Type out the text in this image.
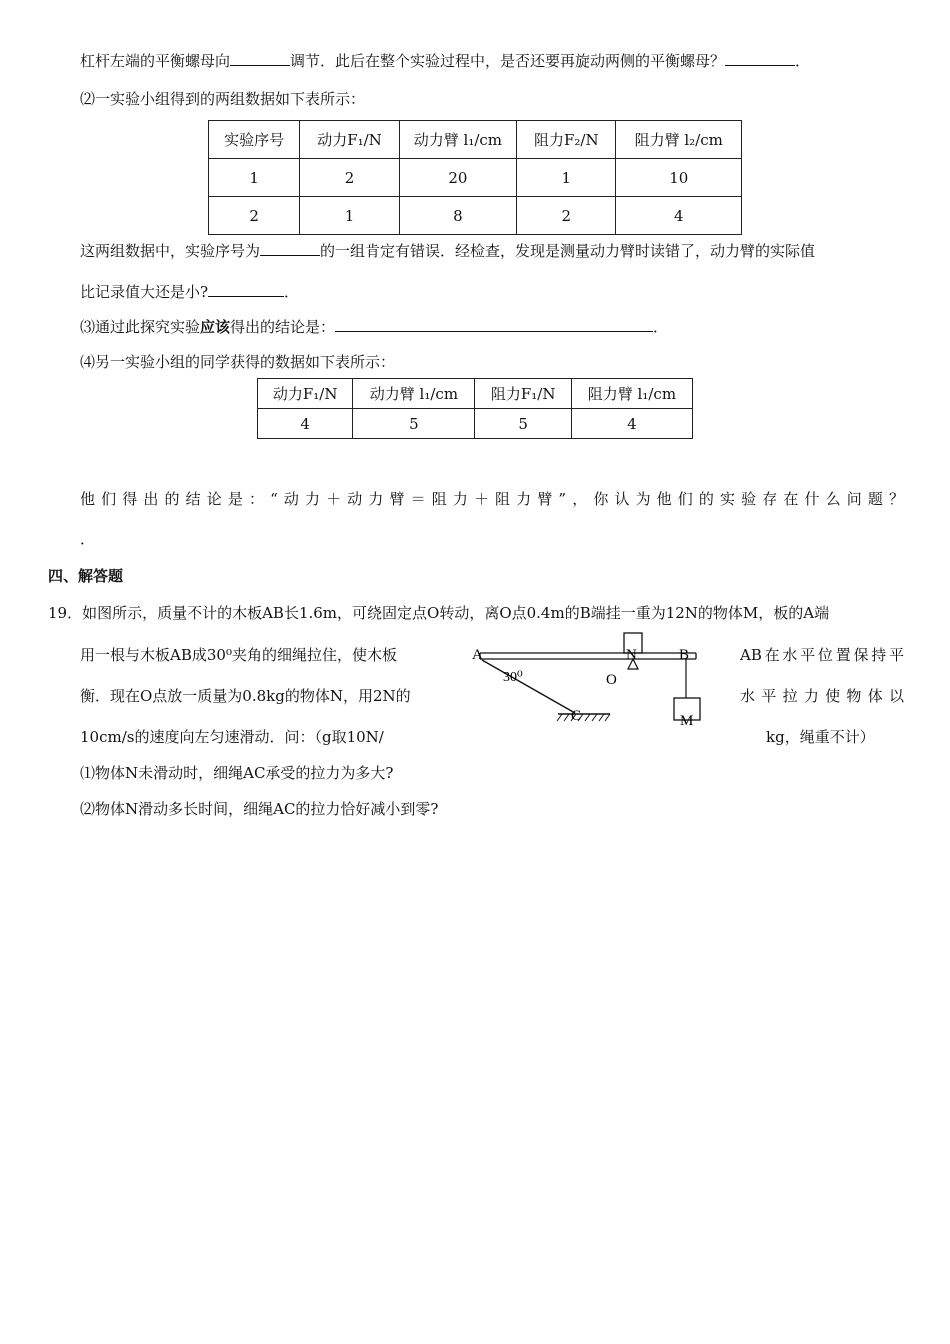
杠杆左端的平衡螺母向	调节．此后在整个实验过程中，是否还要再旋动两侧的平衡螺母？	．
⑵一实验小组得到的两组数据如下表所示：
实验序号	动力F₁/N	动力臂 l₁/cm	阻力F₂/N	阻力臂 l₂/cm
1	2	20	1	10
2	1	8	2	4
这两组数据中，实验序号为	的一组肯定有错误．经检查，发现是测量动力臂时读错了，动力臂的实际值
比记录值大还是小?	．
⑶通过此探究实验应该得出的结论是：	．
⑷另一实验小组的同学获得的数据如下表所示：
动力F₁/N	动力臂 l₁/cm	阻力F₁/N	阻力臂 l₁/cm
4	5	5	4
他们得出的结论是：“动力＋动力臂＝阻力＋阻力臂”，你认为他们的实验存在什么问题？
．
四、解答题
19．如图所示，质量不计的木板AB长1.6m，可绕固定点O转动，离O点0.4m的B端挂一重为12N的物体M，板的A端
用一根与木板AB成30⁰夹角的细绳拉住，使木板	AB在水平位置保持平
衡．现在O点放一质量为0.8kg的物体N，用2N的	水平拉力使物体以
10cm/s的速度向左匀速滑动．问：（g取10N/	kg，绳重不计）
⑴物体N未滑动时，细绳AC承受的拉力为多大?
⑵物体N滑动多长时间，细绳AC的拉力恰好减小到零?
A	B
N
O
C	M
30⁰
